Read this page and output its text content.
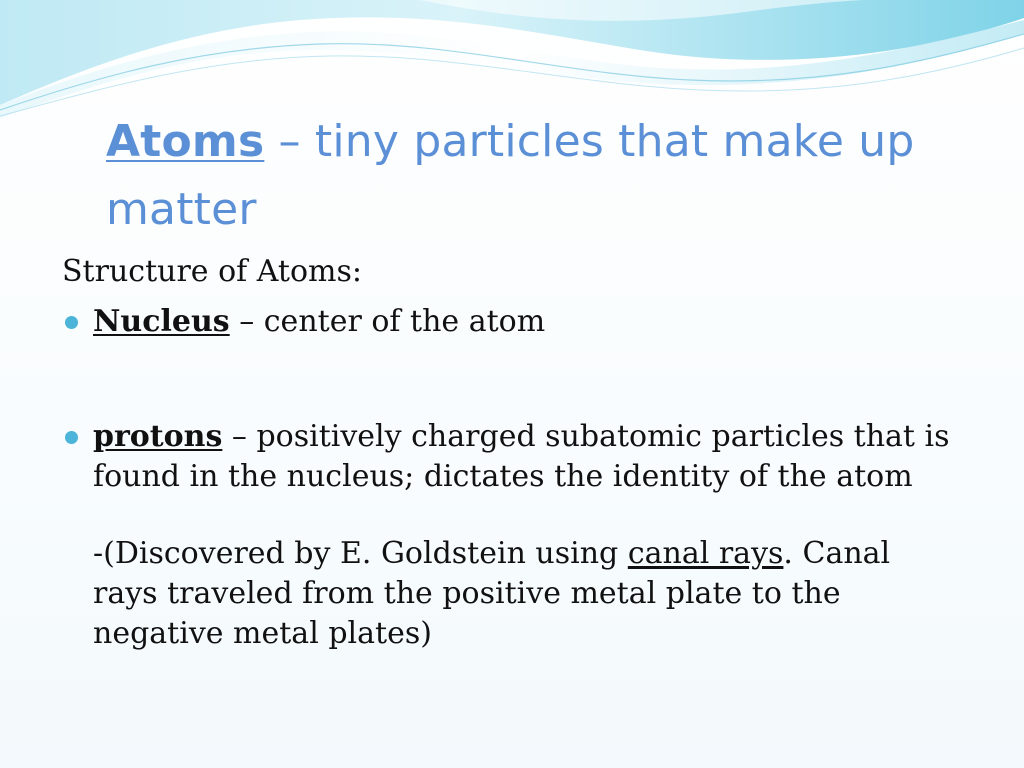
Atoms – tiny particles that make up matter

Structure of Atoms:

Nucleus – center of the atom

protons – positively charged subatomic particles that is found in the nucleus; dictates the identity of the atom

-(Discovered by E. Goldstein using canal rays. Canal rays traveled from the positive metal plate to the negative metal plates)
